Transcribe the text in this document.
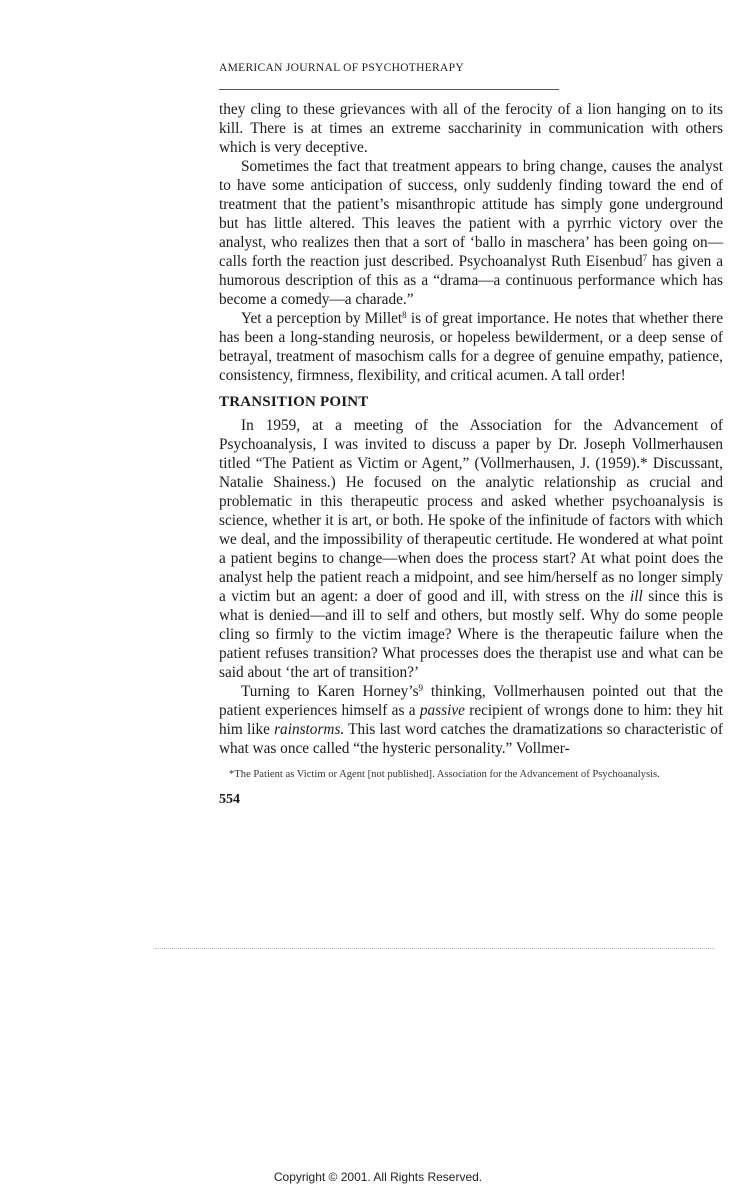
AMERICAN JOURNAL OF PSYCHOTHERAPY

they cling to these grievances with all of the ferocity of a lion hanging on to its kill. There is at times an extreme saccharinity in communication with others which is very deceptive.

Sometimes the fact that treatment appears to bring change, causes the analyst to have some anticipation of success, only suddenly finding toward the end of treatment that the patient’s misanthropic attitude has simply gone underground but has little altered. This leaves the patient with a pyrrhic victory over the analyst, who realizes then that a sort of ‘ballo in maschera’ has been going on—calls forth the reaction just described. Psychoanalyst Ruth Eisenbud$^7$ has given a humorous description of this as a “drama—a continuous performance which has become a comedy—a charade.”

Yet a perception by Millet$^8$ is of great importance. He notes that whether there has been a long-standing neurosis, or hopeless bewilderment, or a deep sense of betrayal, treatment of masochism calls for a degree of genuine empathy, patience, consistency, firmness, flexibility, and critical acumen. A tall order!

TRANSITION POINT

In 1959, at a meeting of the Association for the Advancement of Psychoanalysis, I was invited to discuss a paper by Dr. Joseph Vollmerhausen titled “The Patient as Victim or Agent,” (Vollmerhausen, J. (1959).* Discussant, Natalie Shainess.) He focused on the analytic relationship as crucial and problematic in this therapeutic process and asked whether psychoanalysis is science, whether it is art, or both. He spoke of the infinitude of factors with which we deal, and the impossibility of therapeutic certitude. He wondered at what point a patient begins to change—when does the process start? At what point does the analyst help the patient reach a midpoint, and see him/herself as no longer simply a victim but an agent: a doer of good and ill, with stress on the ill since this is what is denied—and ill to self and others, but mostly self. Why do some people cling so firmly to the victim image? Where is the therapeutic failure when the patient refuses transition? What processes does the therapist use and what can be said about ‘the art of transition?’

Turning to Karen $Horney’s^9$ thinking, Vollmerhausen pointed out that the patient experiences himself as a passive recipient of wrongs done to him: they hit him like rainstorms. This last word catches the dramatizations so characteristic of what was once called “the hysteric personality.” Vollmer-

*The Patient as Victim or Agent [not published]. Association for the Advancement of Psychoanalysis.
554
Copyright © 2001. All Rights Reserved.
